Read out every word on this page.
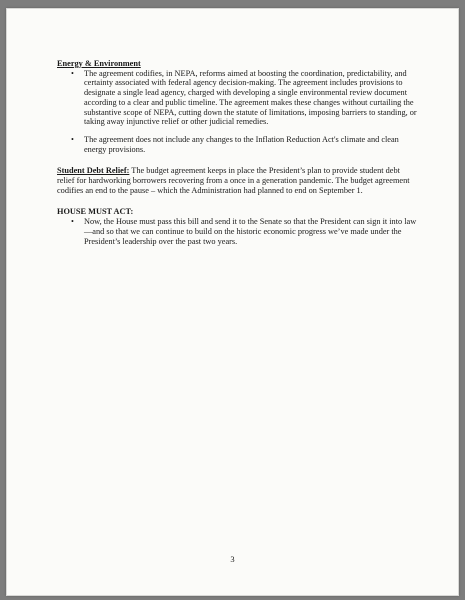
Energy & Environment
• The agreement codifies, in NEPA, reforms aimed at boosting the coordination, predictability, and certainty associated with federal agency decision-making. The agreement includes provisions to designate a single lead agency, charged with developing a single environmental review document according to a clear and public timeline. The agreement makes these changes without curtailing the substantive scope of NEPA, cutting down the statute of limitations, imposing barriers to standing, or taking away injunctive relief or other judicial remedies.
• The agreement does not include any changes to the Inflation Reduction Act's climate and clean energy provisions.
Student Debt Relief: The budget agreement keeps in place the President’s plan to provide student debt relief for hardworking borrowers recovering from a once in a generation pandemic. The budget agreement codifies an end to the pause – which the Administration had planned to end on September 1.
HOUSE MUST ACT:
• Now, the House must pass this bill and send it to the Senate so that the President can sign it into law—and so that we can continue to build on the historic economic progress we’ve made under the President’s leadership over the past two years.
3
